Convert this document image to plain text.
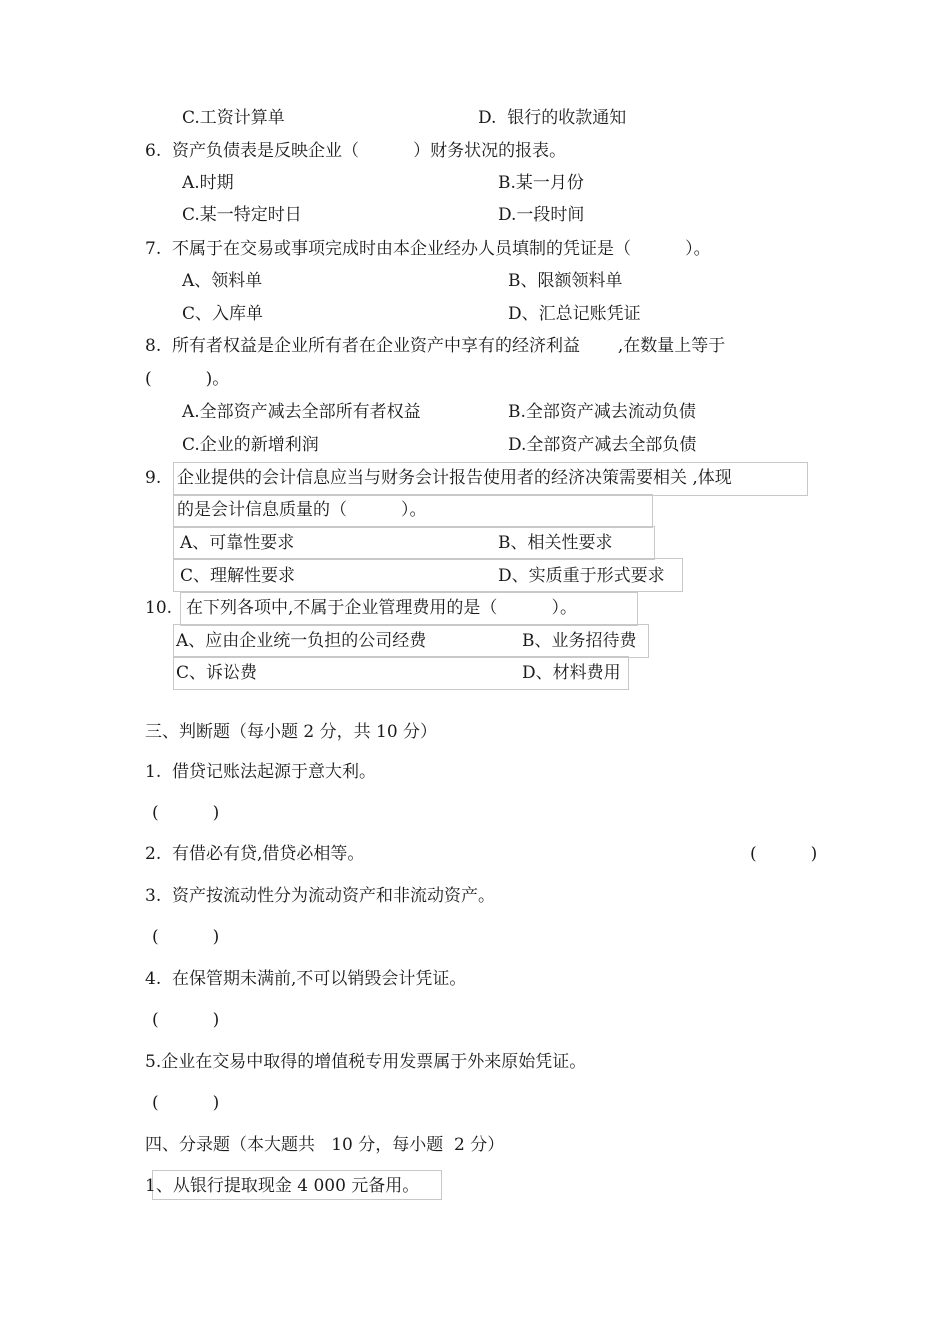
C.工资计算单	D.  银行的收款通知
6.  资产负债表是反映企业（          ）财务状况的报表。
A.时期	B.某一月份
C.某一特定时日	D.一段时间
7.  不属于在交易或事项完成时由本企业经办人员填制的凭证是（          ）。
A、领料单	B、限额领料单
C、入库单	D、汇总记账凭证
8.  所有者权益是企业所有者在企业资产中享有的经济利益       ,在数量上等于
(          )。
A.全部资产减去全部所有者权益	B.全部资产减去流动负债
C.企业的新增利润	D.全部资产减去全部负债
9. 企业提供的会计信息应当与财务会计报告使用者的经济决策需要相关 ,体现
的是会计信息质量的（          ）。
A、可靠性要求	B、相关性要求
C、理解性要求	D、实质重于形式要求
10. 在下列各项中,不属于企业管理费用的是（          ）。
A、应由企业统一负担的公司经费	B、业务招待费
C、诉讼费	D、材料费用
三、判断题（每小题 2 分，共 10 分）
1.  借贷记账法起源于意大利。
(          )
2.  有借必有贷,借贷必相等。	(          )
3.  资产按流动性分为流动资产和非流动资产。
(          )
4.  在保管期未满前,不可以销毁会计凭证。
(          )
5.企业在交易中取得的增值税专用发票属于外来原始凭证。
(          )
四、分录题（本大题共   10 分，每小题  2 分）
1、从银行提取现金 4 000 元备用。
